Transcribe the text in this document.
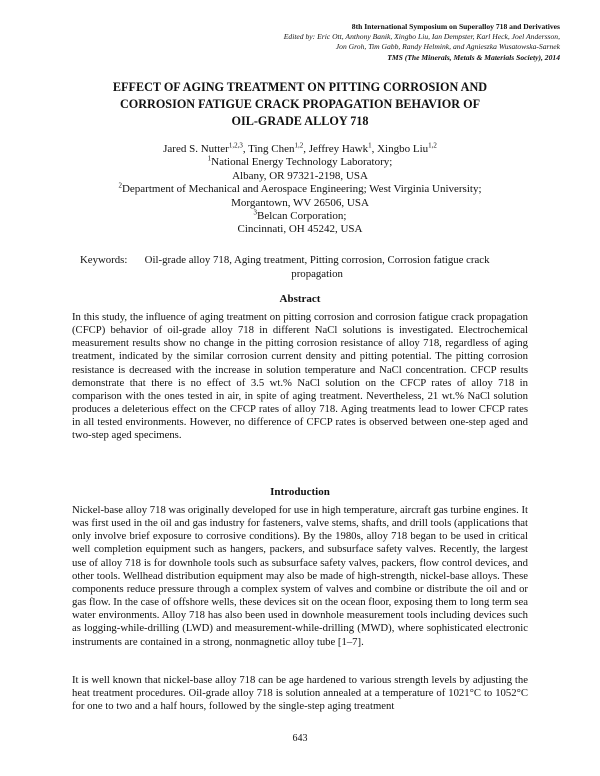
8th International Symposium on Superalloy 718 and Derivatives
Edited by: Eric Ott, Anthony Banik, Xingbo Liu, Ian Dempster, Karl Heck, Joel Andersson,
Jon Groh, Tim Gabb, Randy Helmink, and Agnieszka Wusatowska-Sarnek
TMS (The Minerals, Metals & Materials Society), 2014
EFFECT OF AGING TREATMENT ON PITTING CORROSION AND
CORROSION FATIGUE CRACK PROPAGATION BEHAVIOR OF
OIL-GRADE ALLOY 718
Jared S. Nutter$^{1,2,3}$, Ting Chen$^{1,2}$, Jeffrey Hawk$^1$, Xingbo Liu$^{1,2}$
$^1$National Energy Technology Laboratory;
Albany, OR 97321-2198, USA
$^2$Department of Mechanical and Aerospace Engineering; West Virginia University;
Morgantown, WV 26506, USA
$^3$Belcan Corporation;
Cincinnati, OH 45242, USA
Keywords: Oil-grade alloy 718, Aging treatment, Pitting corrosion, Corrosion fatigue crack propagation
Abstract

In this study, the influence of aging treatment on pitting corrosion and corrosion fatigue crack propagation (CFCP) behavior of oil-grade alloy 718 in different NaCl solutions is investigated. Electrochemical measurement results show no change in the pitting corrosion resistance of alloy 718, regardless of aging treatment, indicated by the similar corrosion current density and pitting potential. The pitting corrosion resistance is decreased with the increase in solution temperature and NaCl concentration. CFCP results demonstrate that there is no effect of 3.5 wt.% NaCl solution on the CFCP rates of alloy 718 in comparison with the ones tested in air, in spite of aging treatment. Nevertheless, 21 wt.% NaCl solution produces a deleterious effect on the CFCP rates of alloy 718. Aging treatments lead to lower CFCP rates in all tested environments. However, no difference of CFCP rates is observed between one-step aged and two-step aged specimens.

Introduction

Nickel-base alloy 718 was originally developed for use in high temperature, aircraft gas turbine engines. It was first used in the oil and gas industry for fasteners, valve stems, shafts, and drill tools (applications that only involve brief exposure to corrosive conditions). By the 1980s, alloy 718 began to be used in critical well completion equipment such as hangers, packers, and subsurface safety valves. Recently, the largest use of alloy 718 is for downhole tools such as subsurface safety valves, packers, flow control devices, and other tools. Wellhead distribution equipment may also be made of high-strength, nickel-base alloys. These components reduce pressure through a complex system of valves and combine or distribute the oil and or gas flow. In the case of offshore wells, these devices sit on the ocean floor, exposing them to long term sea water environments. Alloy 718 has also been used in downhole measurement tools including devices such as logging-while-drilling (LWD) and measurement-while-drilling (MWD), where sophisticated electronic instruments are contained in a strong, nonmagnetic alloy tube [1–7].

It is well known that nickel-base alloy 718 can be age hardened to various strength levels by adjusting the heat treatment procedures. Oil-grade alloy 718 is solution annealed at a temperature of 1021°C to 1052°C for one to two and a half hours, followed by the single-step aging treatment

643
